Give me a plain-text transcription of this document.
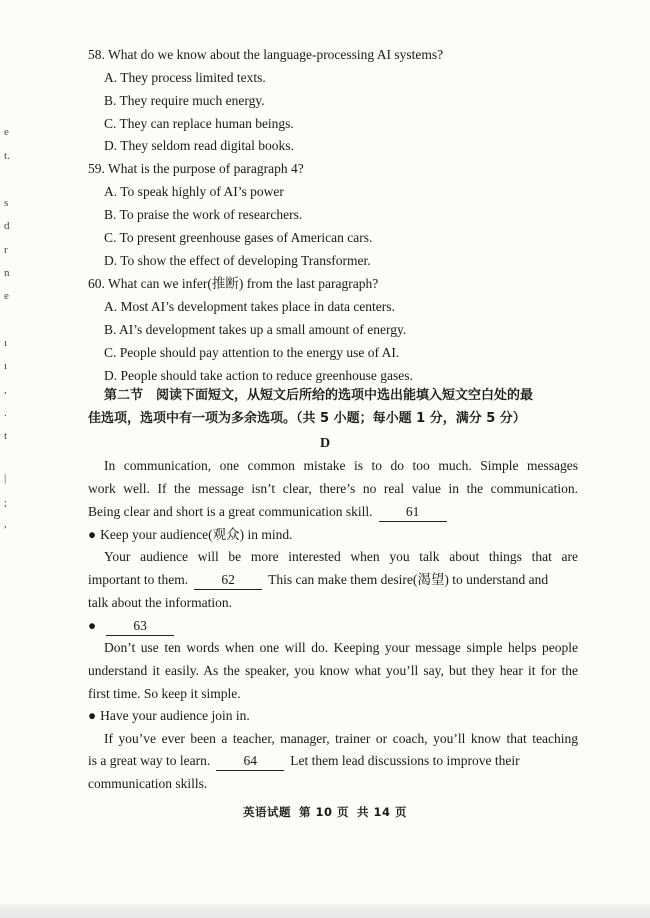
e
t.
s
d
r
n
e
ı
ı
,
.
t
|
;
,
58. What do we know about the language-processing AI systems?
A. They process limited texts.
B. They require much energy.
C. They can replace human beings.
D. They seldom read digital books.
59. What is the purpose of paragraph 4?
A. To speak highly of AI’s power
B. To praise the work of researchers.
C. To present greenhouse gases of American cars.
D. To show the effect of developing Transformer.
60. What can we infer(推断) from the last paragraph?
A. Most AI’s development takes place in data centers.
B. AI’s development takes up a small amount of energy.
C. People should pay attention to the energy use of AI.
D. People should take action to reduce greenhouse gases.
第二节　阅读下面短文，从短文后所给的选项中选出能填入短文空白处的最
佳选项，选项中有一项为多余选项。（共 5 小题；每小题 1 分，满分 5 分）
D
In communication, one common mistake is to do too much. Simple messages
work well. If the message isn’t clear, there’s no real value in the communication.
Being clear and short is a great communication skill. 61
● Keep your audience(观众) in mind.
Your audience will be more interested when you talk about things that are
important to them. 62 This can make them desire(渴望) to understand and
talk about the information.
●	63
Don’t use ten words when one will do. Keeping your message simple helps people
understand it easily. As the speaker, you know what you’ll say, but they hear it for the
first time. So keep it simple.
● Have your audience join in.
If you’ve ever been a teacher, manager, trainer or coach, you’ll know that teaching
is a great way to learn. 64 Let them lead discussions to improve their
communication skills.
英语试题 第 10 页 共 14 页
